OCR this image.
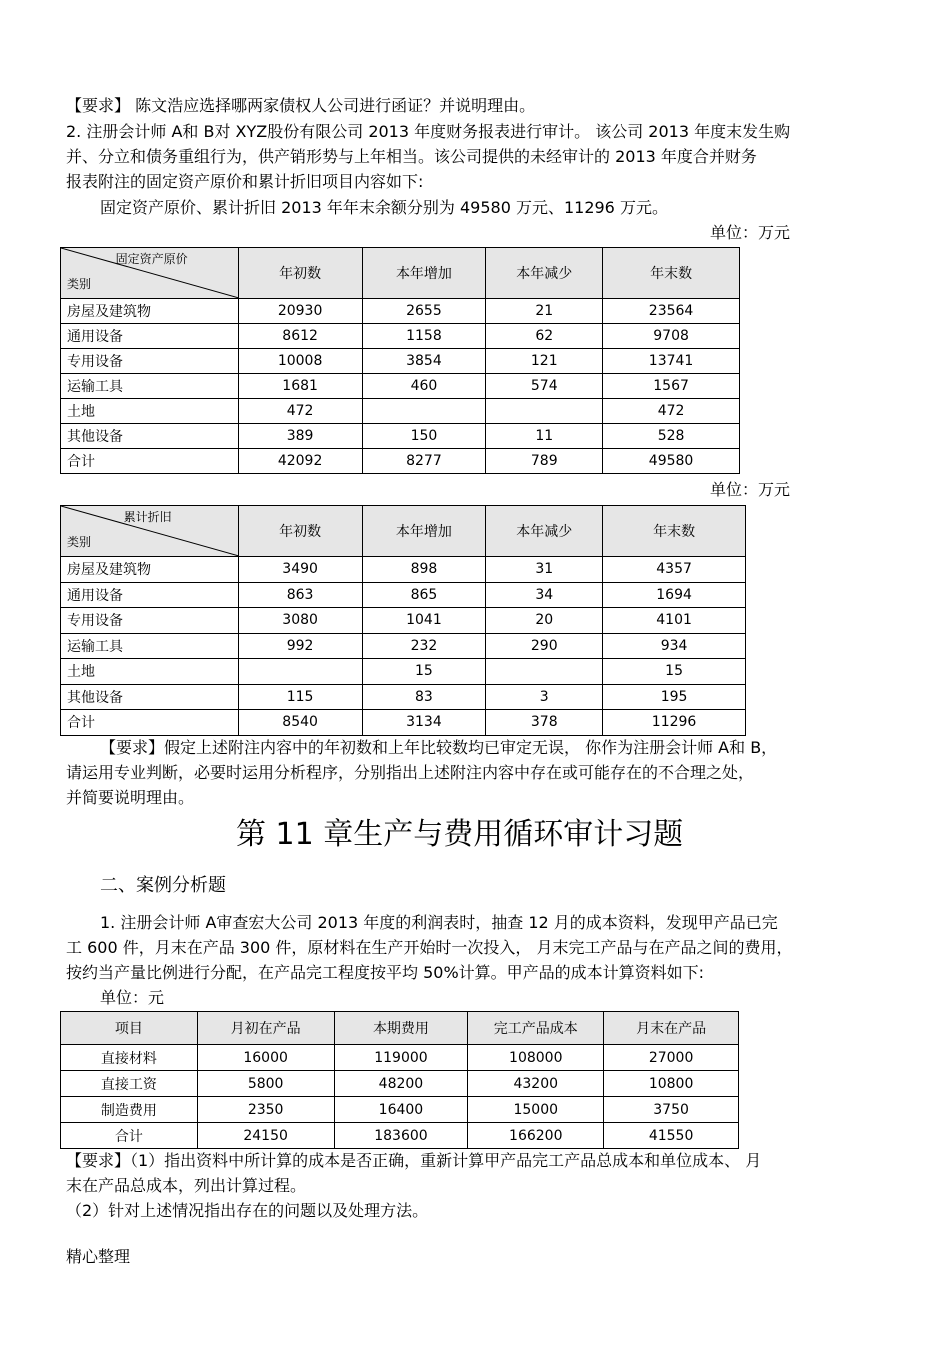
【要求】 陈文浩应选择哪两家债权人公司进行函证？并说明理由。
2. 注册会计师 A和 B对 XYZ股份有限公司 2013 年度财务报表进行审计。 该公司 2013 年度末发生购
并、分立和债务重组行为，供产销形势与上年相当。该公司提供的未经审计的 2013 年度合并财务
报表附注的固定资产原价和累计折旧项目内容如下:
固定资产原价、累计折旧 2013 年年末余额分别为 49580 万元、11296 万元。
单位：万元
固定资产原价
类别	年初数	本年增加	本年减少	年末数
房屋及建筑物	20930	2655	21	23564
通用设备	8612	1158	62	9708
专用设备	10008	3854	121	13741
运输工具	1681	460	574	1567
土地	472			472
其他设备	389	150	11	528
合计	42092	8277	789	49580
单位：万元
累计折旧
类别	年初数	本年增加	本年减少	年末数
房屋及建筑物	3490	898	31	4357
通用设备	863	865	34	1694
专用设备	3080	1041	20	4101
运输工具	992	232	290	934
土地		15		15
其他设备	115	83	3	195
合计	8540	3134	378	11296
【要求】假定上述附注内容中的年初数和上年比较数均已审定无误， 你作为注册会计师 A和 B，
请运用专业判断，必要时运用分析程序，分别指出上述附注内容中存在或可能存在的不合理之处，
并简要说明理由。
第 11 章生产与费用循环审计习题
二、案例分析题
1. 注册会计师 A审查宏大公司 2013 年度的利润表时，抽查 12 月的成本资料，发现甲产品已完
工 600 件，月末在产品 300 件，原材料在生产开始时一次投入， 月末完工产品与在产品之间的费用，
按约当产量比例进行分配，在产品完工程度按平均 50%计算。甲产品的成本计算资料如下:
单位：元
项目	月初在产品	本期费用	完工产品成本	月末在产品
直接材料	16000	119000	108000	27000
直接工资	5800	48200	43200	10800
制造费用	2350	16400	15000	3750
合计	24150	183600	166200	41550
【要求】（1）指出资料中所计算的成本是否正确，重新计算甲产品完工产品总成本和单位成本、 月
末在产品总成本，列出计算过程。
（2）针对上述情况指出存在的问题以及处理方法。
精心整理
